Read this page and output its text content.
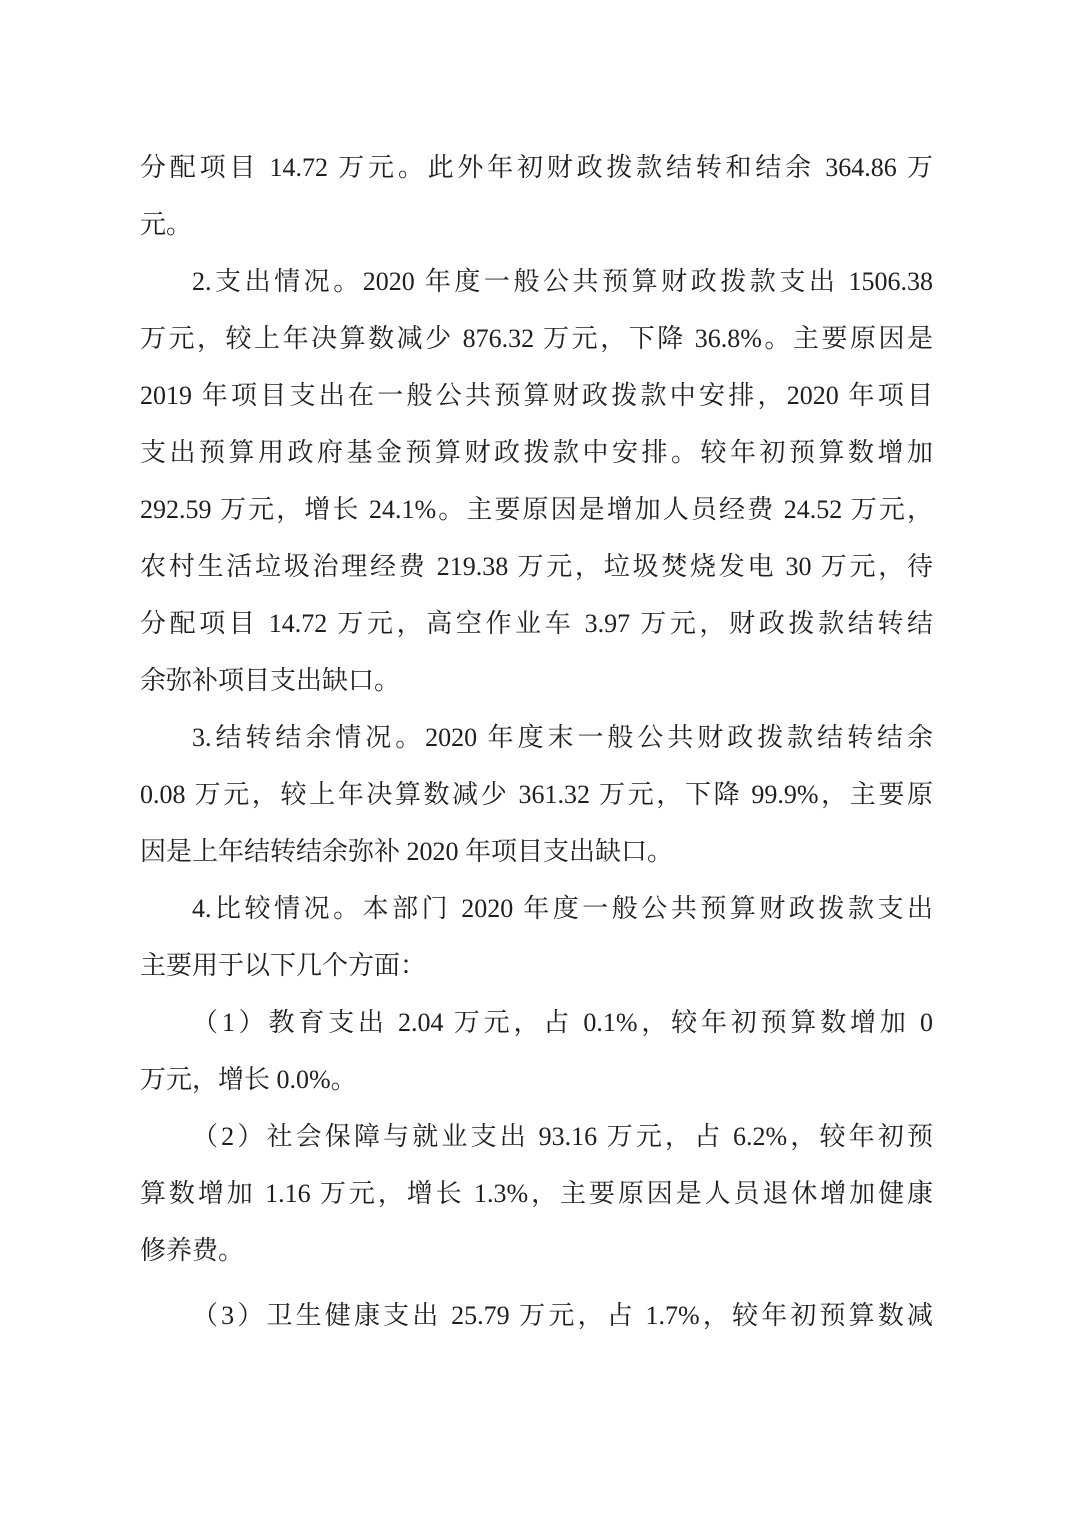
分配项目 14.72 万元。此外年初财政拨款结转和结余 364.86 万
元。
2.支出情况。2020 年度一般公共预算财政拨款支出 1506.38
万元，较上年决算数减少 876.32 万元，下降 36.8%。主要原因是
2019 年项目支出在一般公共预算财政拨款中安排，2020 年项目
支出预算用政府基金预算财政拨款中安排。较年初预算数增加
292.59 万元，增长 24.1%。主要原因是增加人员经费 24.52 万元，
农村生活垃圾治理经费 219.38 万元，垃圾焚烧发电 30 万元，待
分配项目 14.72 万元，高空作业车 3.97 万元，财政拨款结转结
余弥补项目支出缺口。
3.结转结余情况。2020 年度末一般公共财政拨款结转结余
0.08 万元，较上年决算数减少 361.32 万元，下降 99.9%，主要原
因是上年结转结余弥补 2020 年项目支出缺口。
4.比较情况。本部门 2020 年度一般公共预算财政拨款支出
主要用于以下几个方面：
（1）教育支出 2.04 万元，占 0.1%，较年初预算数增加 0
万元，增长 0.0%。
（2）社会保障与就业支出 93.16 万元，占 6.2%，较年初预
算数增加 1.16 万元，增长 1.3%，主要原因是人员退休增加健康
修养费。
（3）卫生健康支出 25.79 万元，占 1.7%，较年初预算数减
